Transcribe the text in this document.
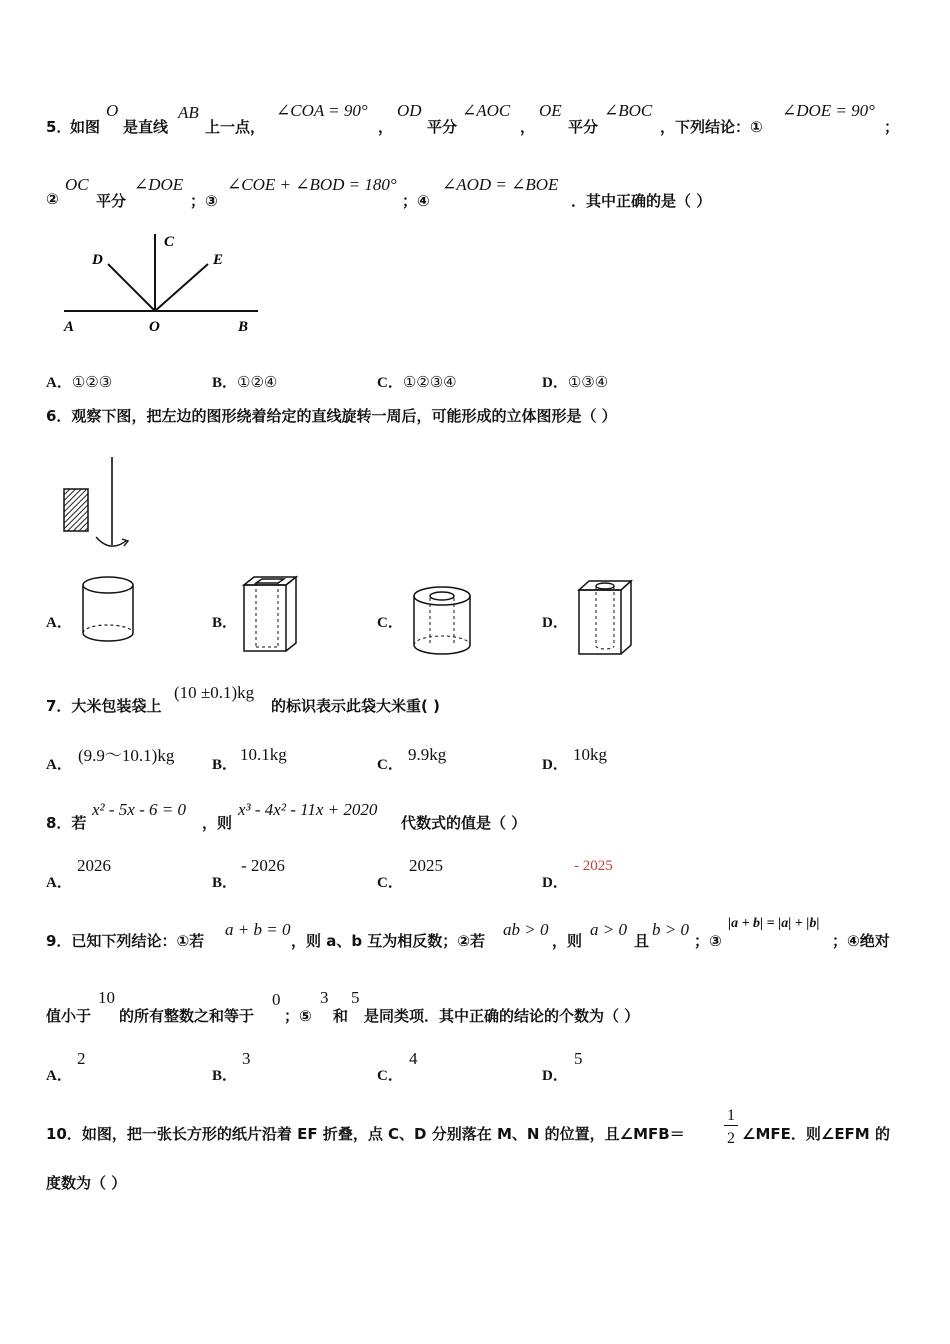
5．
如图
O
是直线
AB
上一点，
∠COA = 90°
，
OD
平分
∠AOC
，
OE
平分
∠BOC
，下列结论：①
∠DOE = 90°
；
②
OC
平分
∠DOE
；③
∠COE + ∠BOD = 180°
；④
∠AOD = ∠BOE
．其中正确的是（ ）
D
C
E
A	O	B
A．①②③	B．①②④	C．①②③④	D．①③④
6．观察下图，把左边的图形绕着给定的直线旋转一周后，可能形成的立体图形是（ ）
A．	B．	C．	D．
7．大米包装袋上
(10 ±0.1)kg
的标识表示此袋大米重( )
A． (9.9～10.1)kg	B．
10.1kg
C．
9.9kg
D．
10kg
8．若
x² - 5x - 6 = 0
，则
x³ - 4x² - 11x + 2020
代数式的值是（ ）
A．
2026
B．
- 2026
C．
2025
D．
- 2025
9．已知下列结论：①若
a + b = 0
，则 a、b 互为相反数；②若
ab > 0
，则
a > 0
且
b > 0
；③
|a + b| = |a| + |b|
；④绝对
值小于
10
的所有整数之和等于
0
；⑤
3
和
5
是同类项．其中正确的结论的个数为（ ）
A．
2
B．
3
C．
4
D．
5
10．如图，把一张长方形的纸片沿着 EF 折叠，点 C、D 分别落在 M、N 的位置，且∠MFB＝
1
2 ∠MFE．则∠EFM 的
度数为（ ）
